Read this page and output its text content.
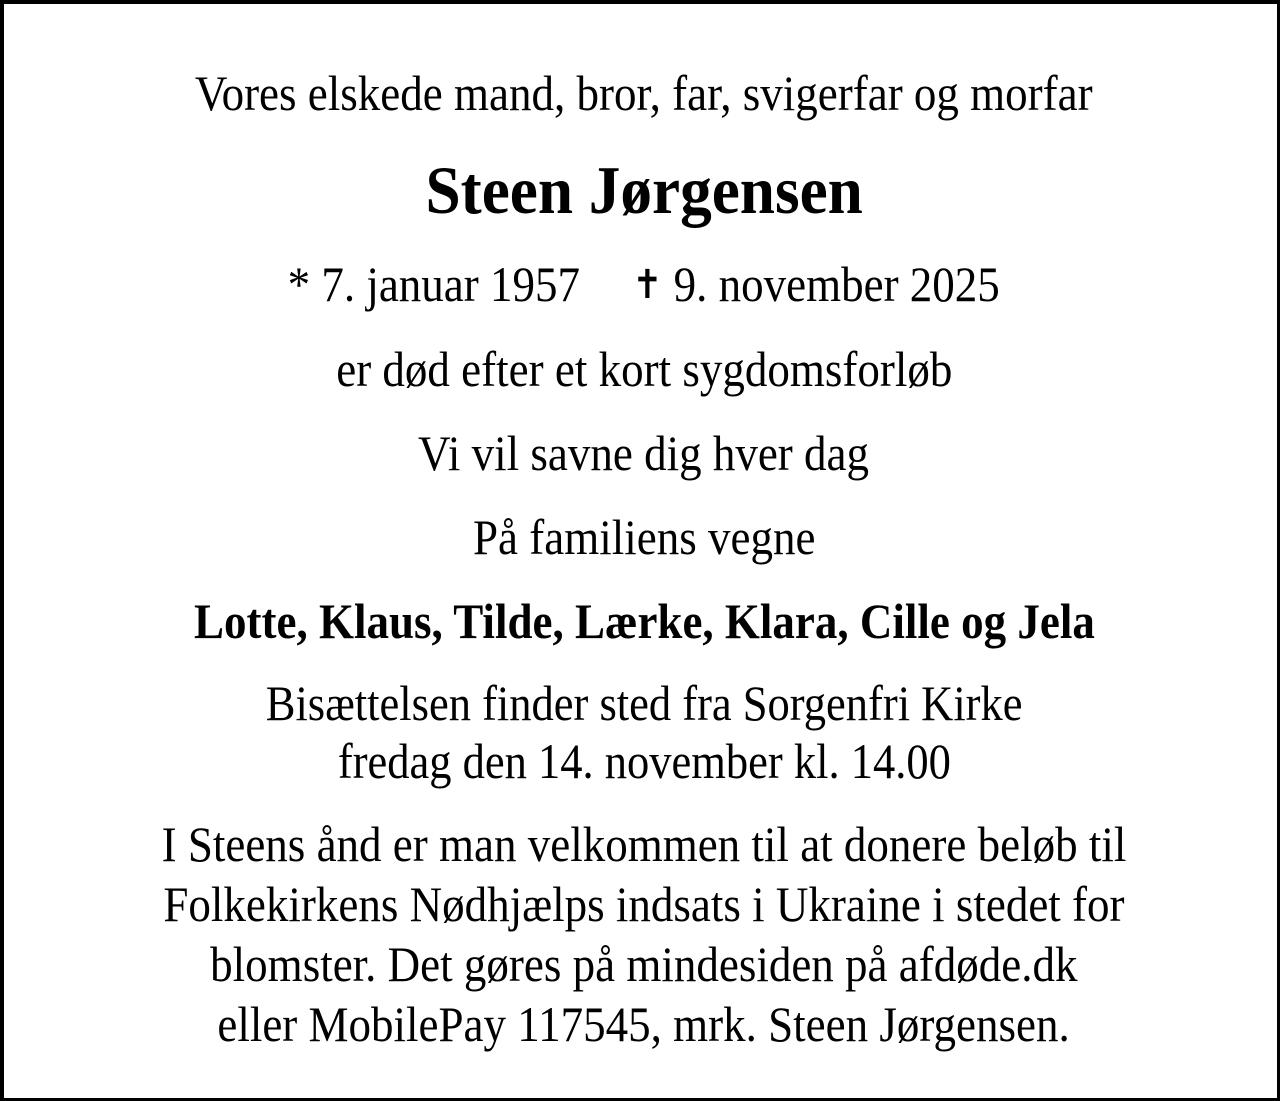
Vores elskede mand, bror, far, svigerfar og morfar
Steen Jørgensen
* 7. januar 1957 ✝ 9. november 2025
er død efter et kort sygdomsforløb
Vi vil savne dig hver dag
På familiens vegne
Lotte, Klaus, Tilde, Lærke, Klara, Cille og Jela
Bisættelsen finder sted fra Sorgenfri Kirke
fredag den 14. november kl. 14.00
I Steens ånd er man velkommen til at donere beløb til
Folkekirkens Nødhjælps indsats i Ukraine i stedet for
blomster. Det gøres på mindesiden på afdøde.dk
eller MobilePay 117545, mrk. Steen Jørgensen.
